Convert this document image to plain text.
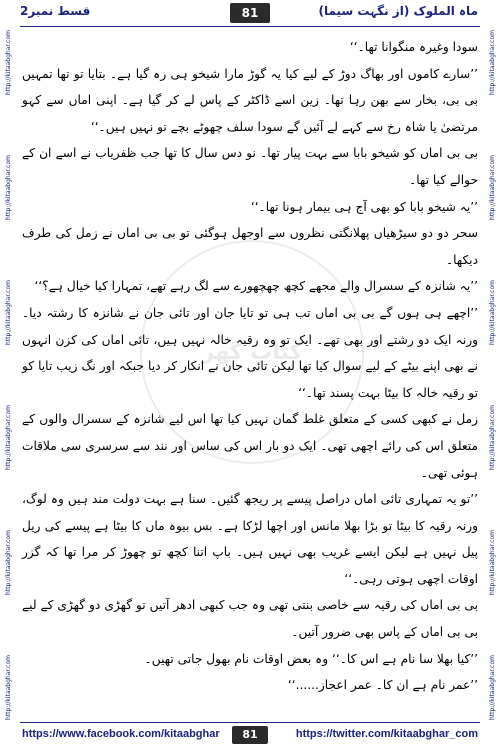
قسط نمبر2	81	ماہ الملوک (از نگہت سیما)
http://kitaabghar.com
http://kitaabghar.com
http://kitaabghar.com
http://kitaabghar.com
http://kitaabghar.com
http://kitaabghar.com
http://kitaabghar.com
http://kitaabghar.com
http://kitaabghar.com
http://kitaabghar.com
http://kitaabghar.com
http://kitaabghar.com
کتاب گھر

سودا وغیرہ منگوانا تھا۔‘‘

’’سارے کاموں اور بھاگ دوڑ کے لیے کیا یہ گوڑ مارا شیخو ہی رہ گیا ہے۔ بتایا تو تھا تمہیں بی بی، بخار سے بھن رہا تھا۔ زین اسے ڈاکٹر کے پاس لے کر گیا ہے۔ اپنی اماں سے کہو مرتضیٰ یا شاہ رخ سے کہے لے آئیں گے سودا سلف چھوٹے بچے تو نہیں ہیں۔‘‘

بی بی اماں کو شیخو بابا سے بہت پیار تھا۔ نو دس سال کا تھا جب ظفریاب نے اسے ان کے حوالے کیا تھا۔

’’یہ شیخو بابا کو بھی آج ہی بیمار ہونا تھا۔‘‘

سحر دو دو سیڑھیاں پھلانگتی نظروں سے اوجھل ہوگئی تو بی بی اماں نے زمل کی طرف دیکھا۔

’’یہ شانزہ کے سسرال والے مجھے کچھ چھچھورے سے لگ رہے تھے، تمہارا کیا خیال ہے؟‘‘

’’اچھے ہی ہوں گے بی بی اماں تب ہی تو تایا جان اور تائی جان نے شانزہ کا رشتہ دیا۔ ورنہ ایک دو رشتے اور بھی تھے۔ ایک تو وہ رقیہ خالہ نہیں ہیں، تائی اماں کی کزن انہوں نے بھی اپنے بیٹے کے لیے سوال کیا تھا لیکن تائی جان نے انکار کر دیا جبکہ اور نگ زیب تایا کو تو رقیہ خالہ کا بیٹا بہت پسند تھا۔‘‘

زمل نے کبھی کسی کے متعلق غلط گمان نہیں کیا تھا اس لیے شانزہ کے سسرال والوں کے متعلق اس کی رائے اچھی تھی۔ ایک دو بار اس کی ساس اور نند سے سرسری سی ملاقات ہوئی تھی۔

’’تو یہ تمہاری تائی اماں دراصل پیسے پر ریجھ گئیں۔ سنا ہے بہت دولت مند ہیں وہ لوگ، ورنہ رقیہ کا بیٹا تو بڑا بھلا مانس اور اچھا لڑکا ہے۔ بس بیوہ ماں کا بیٹا ہے پیسے کی ریل پیل نہیں ہے لیکن ایسے غریب بھی نہیں ہیں۔ باپ اتنا کچھ تو چھوڑ کر مرا تھا کہ گزر اوقات اچھی ہوتی رہی۔‘‘

بی بی اماں کی رقیہ سے خاصی بنتی تھی وہ جب کبھی ادھر آتیں تو گھڑی دو گھڑی کے لیے بی بی اماں کے پاس بھی ضرور آتیں۔

’’کیا بھلا سا نام ہے اس کا۔‘‘ وہ بعض اوقات نام بھول جاتی تھیں۔

’’عمر نام ہے ان کا۔ عمر اعجاز......‘‘

https://www.facebook.com/kitaabghar	81	https://twitter.com/kitaabghar_com
